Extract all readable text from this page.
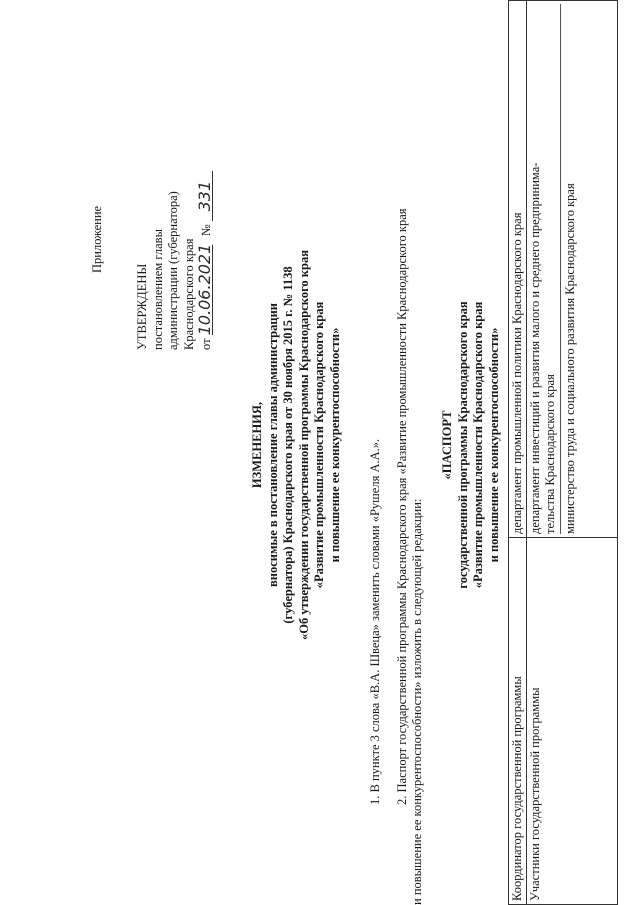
Приложение
УТВЕРЖДЕНЫ постановлением главы администрации (губернатора) Краснодарского края от 10.06.2021 № 331
ИЗМЕНЕНИЯ, вносимые в постановление главы администрации (губернатора) Краснодарского края от 30 ноября 2015 г. № 1138 «Об утверждении государственной программы Краснодарского края «Развитие промышленности Краснодарского края и повышение ее конкурентоспособности» 1. В пункте 3 слова «В.А. Швеца» заменить словами «Рушеля А.А.». 2. Паспорт государственной программы Краснодарского края «Развитие промышленности Краснодарского края и повышение ее конкурентоспособности» изложить в следующей редакции:
«ПАСПОРТ государственной программы Краснодарского края «Развитие промышленности Краснодарского края и повышение ее конкурентоспособности»
Координатор государственной программы	департамент промышленной политики Краснодарского края

Участники государственной программы	департамент инвестиций и развития малого и среднего предпринима- тельства Краснодарского края министерство труда и социального развития Краснодарского края
